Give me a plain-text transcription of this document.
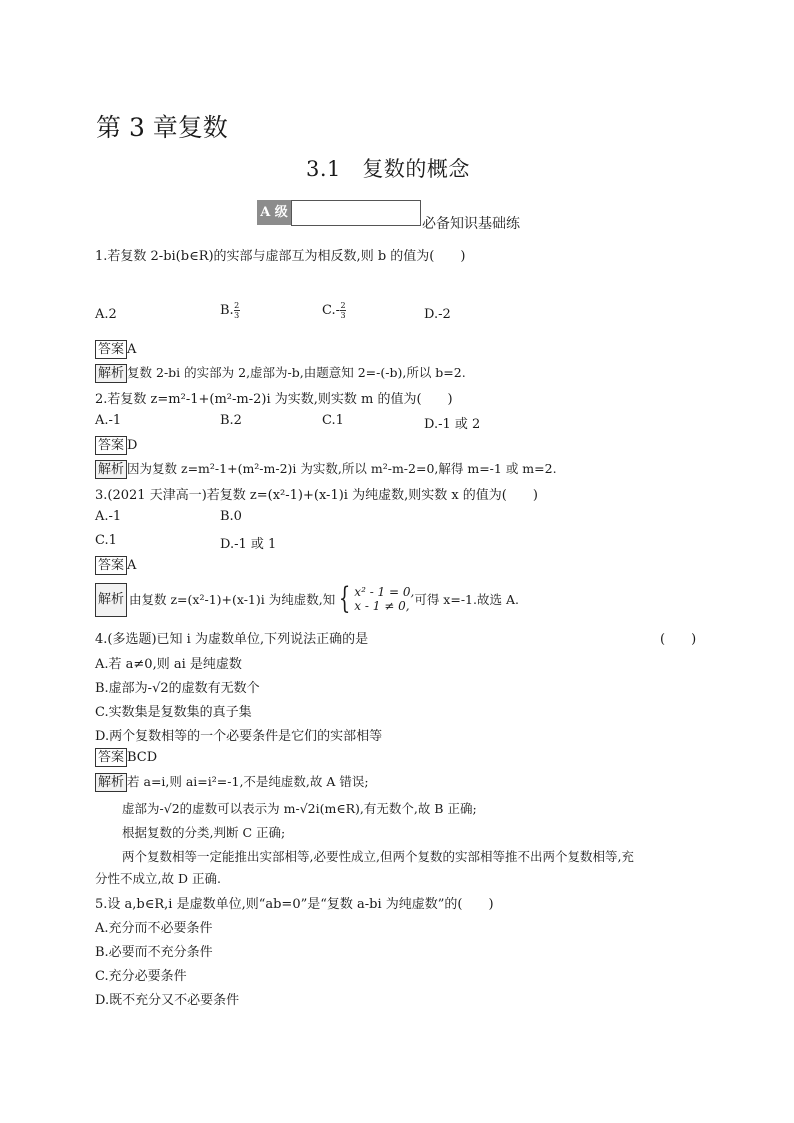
第 3 章复数
3.1　复数的概念
A 级
必备知识基础练
1.若复数 2-bi(b∈R)的实部与虚部互为相反数,则 b 的值为(　　)
A.2	B. $\frac{2}{3}$	$C.- \frac{2}{3}$	D.-2
答案 A
解析 复数 2-bi 的实部为 2,虚部为-b,由题意知 2=-(-b),所以 b=2.
2.若复数 z=m²-1+(m²-m-2)i 为实数,则实数 m 的值为(　　)
A.-1	B.2	C.1	D.-1 或 2
答案 D
解析 因为复数 z=m²-1+(m²-m-2)i 为实数,所以 m²-m-2=0,解得 m=-1 或 m=2.
3.(2021 天津高一)若复数 z=(x²-1)+(x-1)i 为纯虚数,则实数 x 的值为(　　)
A.-1	B.0
C.1	D.-1 或 1
答案 A
解析 由复数 z=(x²-1)+(x-1)i 为纯虚数,知 { x² - 1 = 0,
x - 1 ≠ 0, 可得 x=-1.故选 A.
4.(多选题)已知 i 为虚数单位,下列说法正确的是	(　　)
A.若 a≠0,则 ai 是纯虚数
B.虚部为-√2的虚数有无数个
C.实数集是复数集的真子集
D.两个复数相等的一个必要条件是它们的实部相等
答案 BCD
解析 若 a=i,则 ai=i²=-1,不是纯虚数,故 A 错误;
虚部为-√2的虚数可以表示为 m-√2i(m∈R),有无数个,故 B 正确;
根据复数的分类,判断 C 正确;
两个复数相等一定能推出实部相等,必要性成立,但两个复数的实部相等推不出两个复数相等,充
分性不成立,故 D 正确.
5.设 a,b∈R,i 是虚数单位,则“ab=0”是“复数 a-bi 为纯虚数”的(　　)
A.充分而不必要条件
B.必要而不充分条件
C.充分必要条件
D.既不充分又不必要条件
